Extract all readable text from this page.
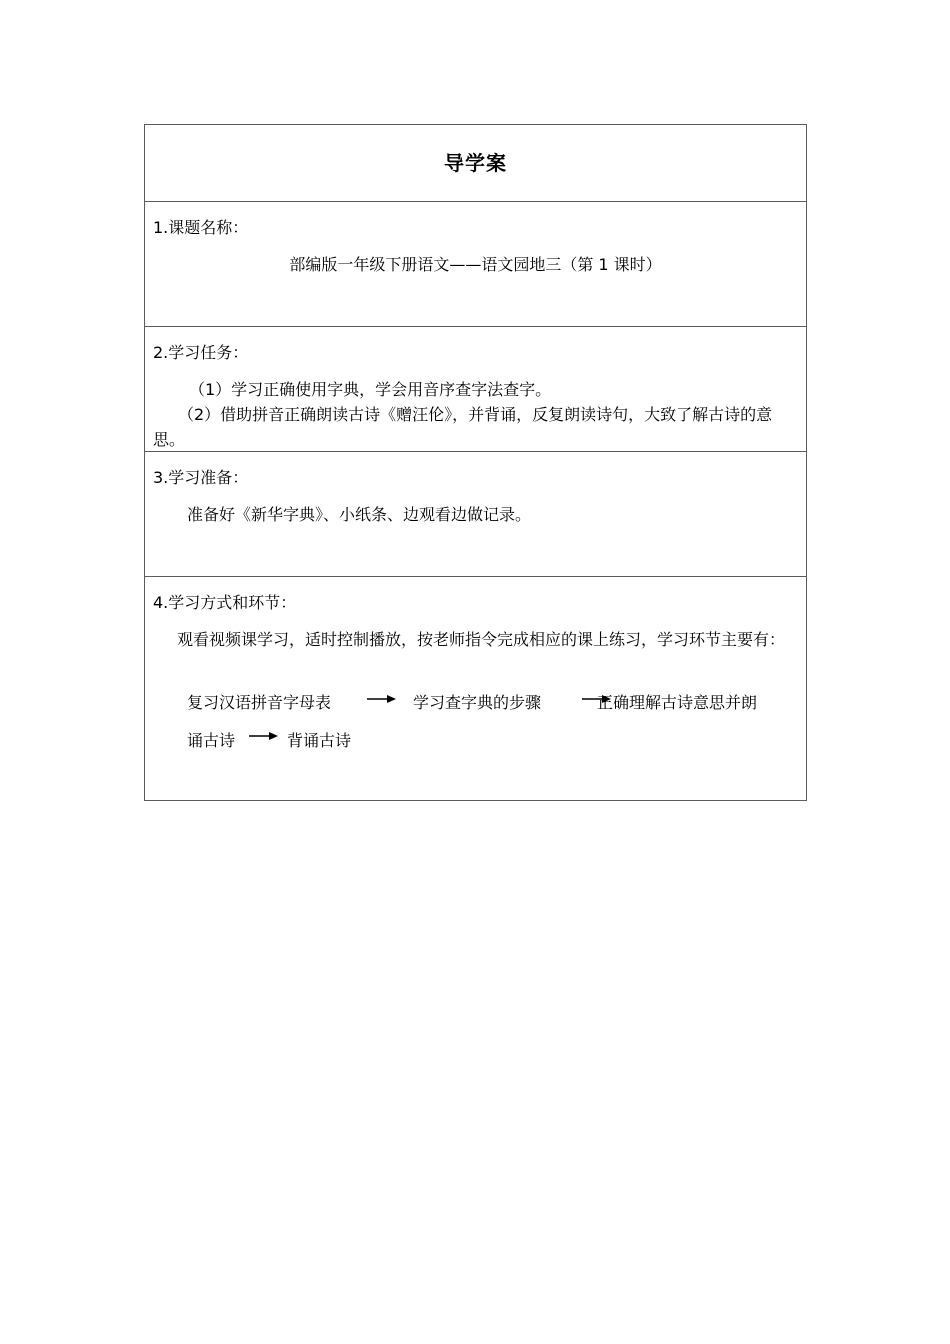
导学案
1.课题名称：
部编版一年级下册语文——语文园地三（第 1 课时）
2.学习任务：
（1）学习正确使用字典，学会用音序查字法查字。
（2）借助拼音正确朗读古诗《赠汪伦》，并背诵，反复朗读诗句，大致了解古诗的意思。
3.学习准备：
准备好《新华字典》、小纸条、边观看边做记录。
4.学习方式和环节：
观看视频课学习，适时控制播放，按老师指令完成相应的课上练习，学习环节主要有：
复习汉语拼音字母表	学习查字典的步骤	正确理解古诗意思并朗
诵古诗	背诵古诗
